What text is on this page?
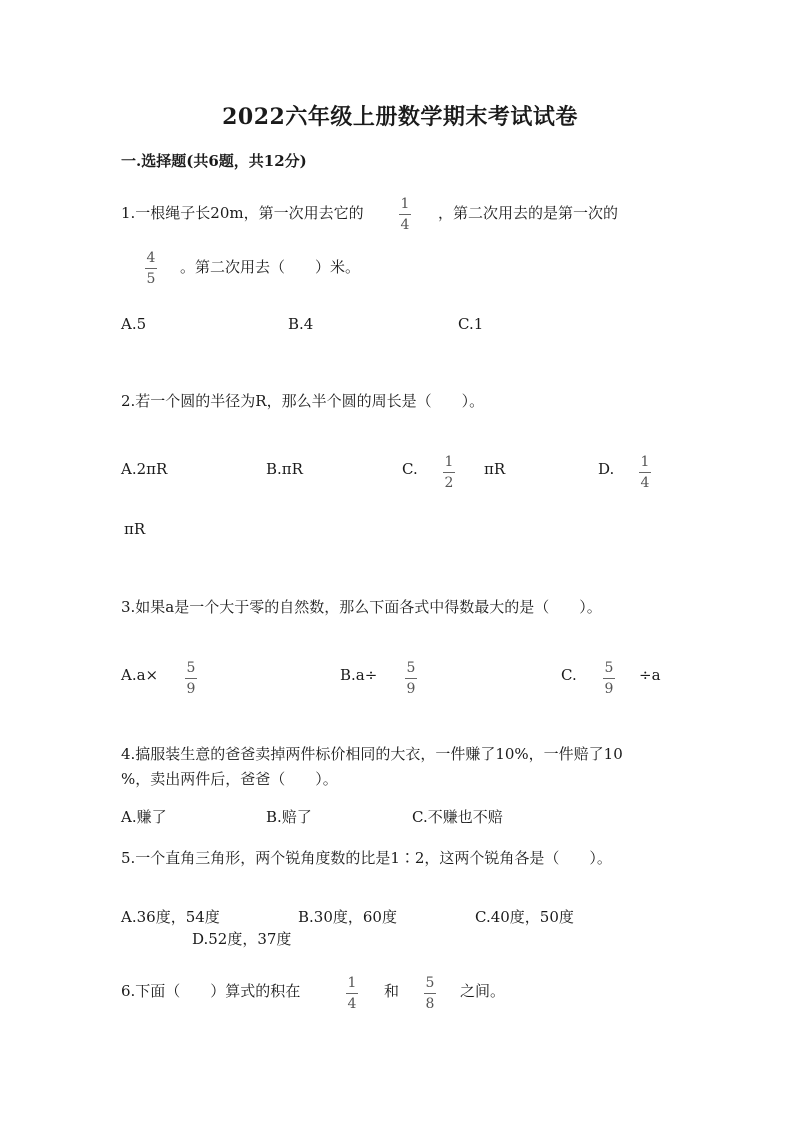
2022六年级上册数学期末考试试卷
一.选择题(共6题，共12分)
1.一根绳子长20m，第一次用去它的	1
4
，第二次用去的是第一次的
4
5
。第二次用去（　　）米。
A.5	B.4	C.1
2.若一个圆的半径为R，那么半个圆的周长是（　　）。
A.2πR	B.πR	C. 1
2
πR	D. 1
4
πR
3.如果a是一个大于零的自然数，那么下面各式中得数最大的是（　　）。
A.a× 5
9
B.a÷ 5
9
C. 5
9
÷a
4.搞服装生意的爸爸卖掉两件标价相同的大衣，一件赚了10%，一件赔了10
%，卖出两件后，爸爸（　　）。
A.赚了	B.赔了	C.不赚也不赔
5.一个直角三角形，两个锐角度数的比是1∶2，这两个锐角各是（　　）。
A.36度，54度	B.30度，60度	C.40度，50度
D.52度，37度
6.下面（　　）算式的积在	1
4
和 5
8
之间。
